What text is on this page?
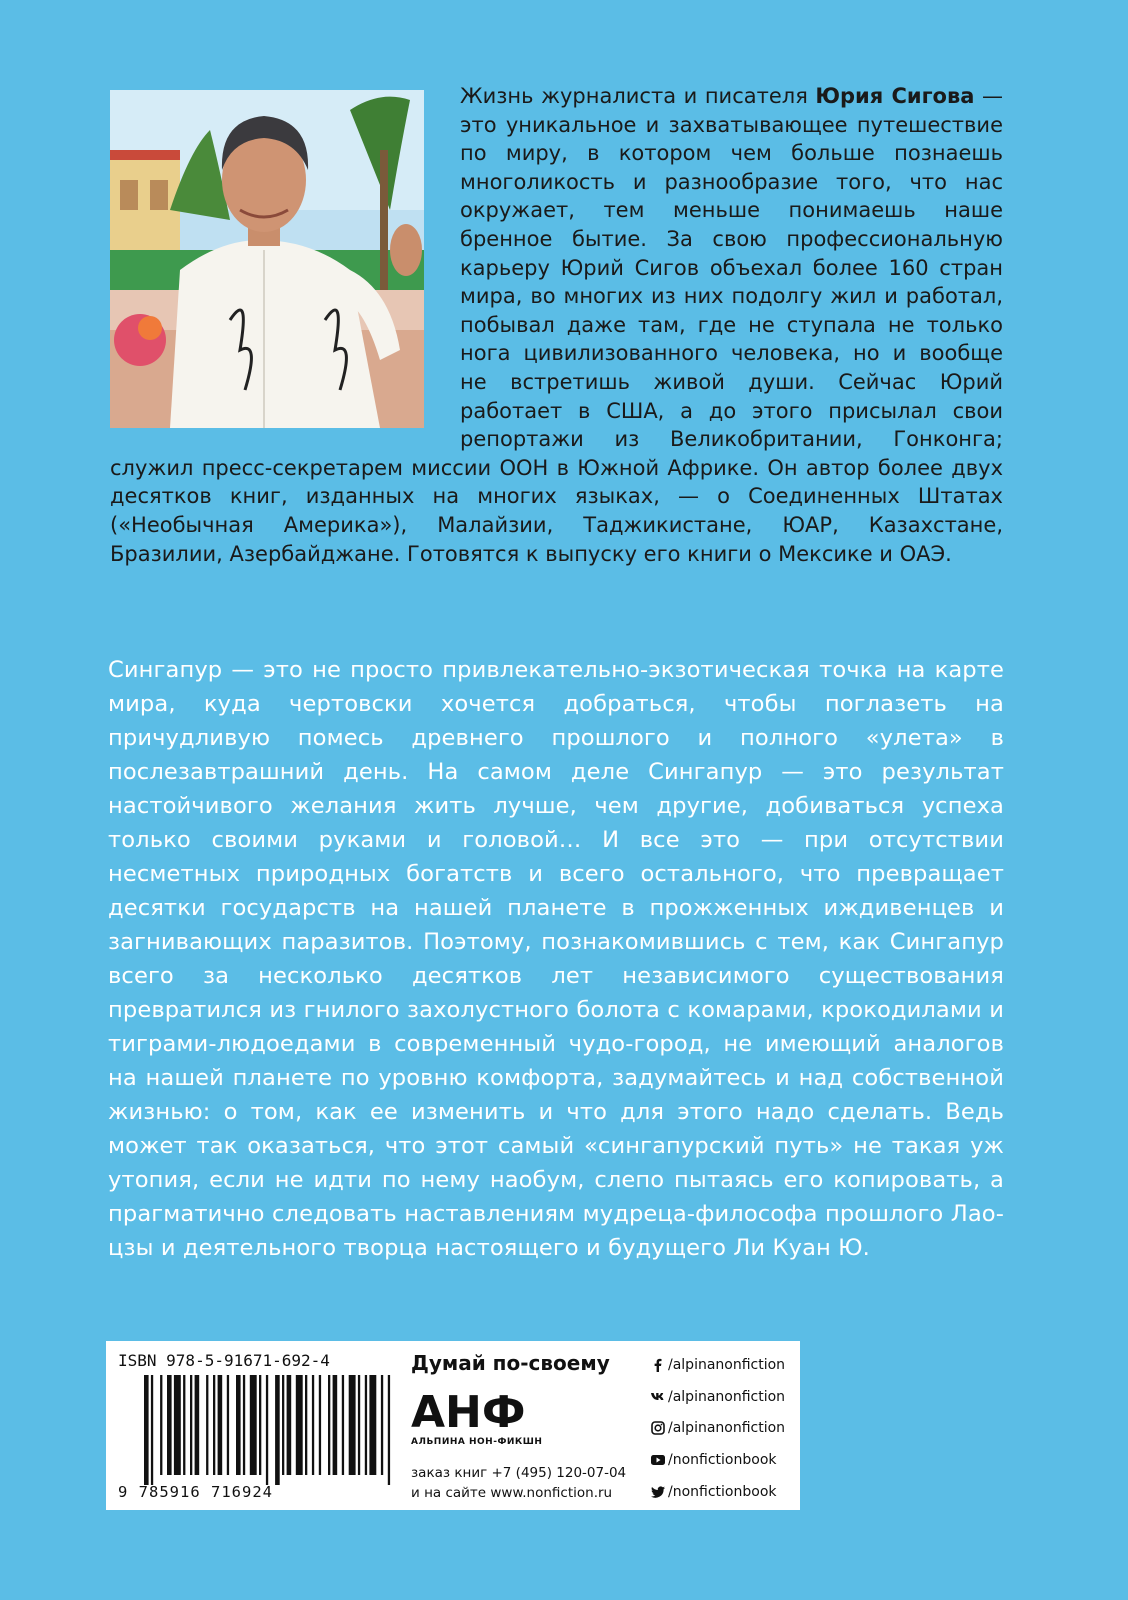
Жизнь журналиста и писателя Юрия Сигова — это уникальное и захватывающее путешествие по миру, в котором чем больше познаешь многоликость и разнообразие того, что нас окружает, тем меньше понимаешь наше бренное бытие. За свою профессиональную карьеру Юрий Сигов объехал более 160 стран мира, во многих из них подолгу жил и работал, побывал даже там, где не ступала не только нога цивилизованного человека, но и вообще не встретишь живой души. Сейчас Юрий работает в США, а до этого присылал свои репортажи из Великобритании, Гонконга; служил пресс-секретарем миссии ООН в Южной Африке. Он автор более двух десятков книг, изданных на многих языках, — о Соединенных Штатах («Необычная Америка»), Малайзии, Таджикистане, ЮАР, Казахстане, Бразилии, Азербайджане. Готовятся к выпуску его книги о Мексике и ОАЭ.

Сингапур — это не просто привлекательно-экзотическая точка на карте мира, куда чертовски хочется добраться, чтобы поглазеть на причудливую помесь древнего прошлого и полного «улета» в послезавтрашний день. На самом деле Сингапур — это результат настойчивого желания жить лучше, чем другие, добиваться успеха только своими руками и головой… И все это — при отсутствии несметных природных богатств и всего остального, что превращает десятки государств на нашей планете в прожженных иждивенцев и загнивающих паразитов. Поэтому, познакомившись с тем, как Сингапур всего за несколько десятков лет независимого существования превратился из гнилого захолустного болота с комарами, крокодилами и тиграми-людоедами в современный чудо-город, не имеющий аналогов на нашей планете по уровню комфорта, задумайтесь и над собственной жизнью: о том, как ее изменить и что для этого надо сделать. Ведь может так оказаться, что этот самый «сингапурский путь» не такая уж утопия, если не идти по нему наобум, слепо пытаясь его копировать, а прагматично следовать наставлениям мудреца-философа прошлого Лао-цзы и деятельного творца настоящего и будущего Ли Куан Ю.

ISBN 978-5-91671-692-4
9 785916 716924
Думай по-своему
АНФ
АЛЬПИНА НОН-ФИКШН
заказ книг +7 (495) 120-07-04
и на сайте www.nonfiction.ru
/alpinanonfiction
/alpinanonfiction
/alpinanonfiction
/nonfictionbook
/nonfictionbook
